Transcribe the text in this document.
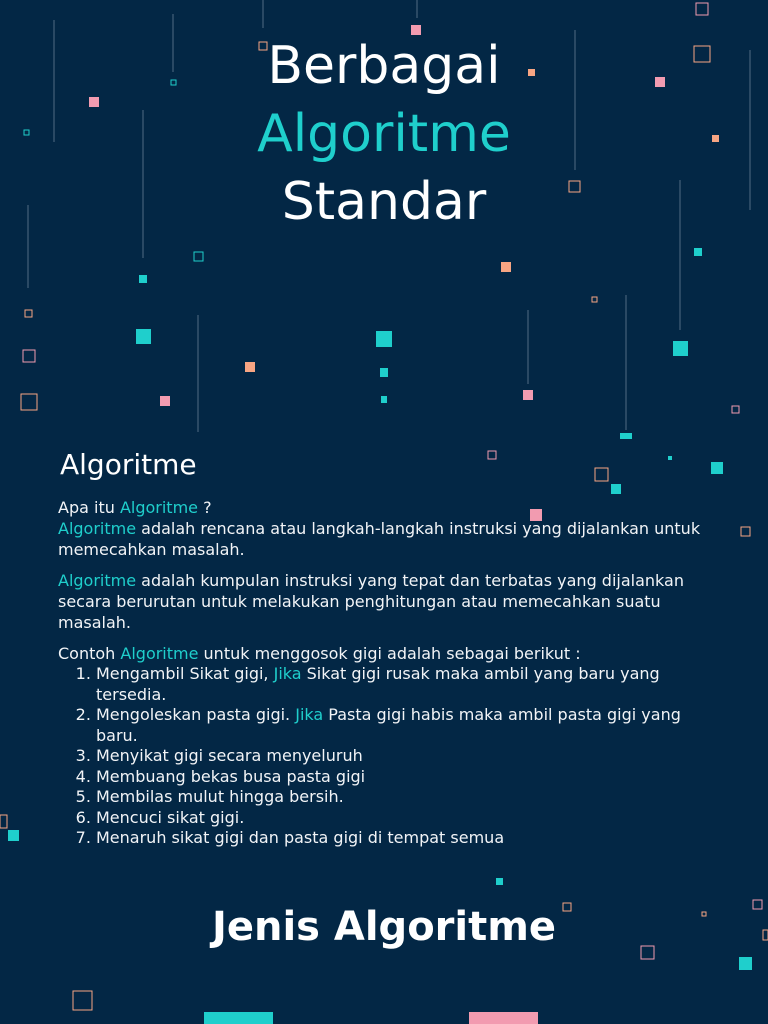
Berbagai
Algoritme
Standar
Algoritme

Apa itu Algoritme ?
Algoritme adalah rencana atau langkah-langkah instruksi yang dijalankan untuk memecahkan masalah.

Algoritme adalah kumpulan instruksi yang tepat dan terbatas yang dijalankan secara berurutan untuk melakukan penghitungan atau memecahkan suatu masalah.

Contoh Algoritme untuk menggosok gigi adalah sebagai berikut :

1. Mengambil Sikat gigi, Jika Sikat gigi rusak maka ambil yang baru yang tersedia.
2. Mengoleskan pasta gigi. Jika Pasta gigi habis maka ambil pasta gigi yang baru.
3. Menyikat gigi secara menyeluruh
4. Membuang bekas busa pasta gigi
5. Membilas mulut hingga bersih.
6. Mencuci sikat gigi.
7. Menaruh sikat gigi dan pasta gigi di tempat semua
Jenis Algoritme
